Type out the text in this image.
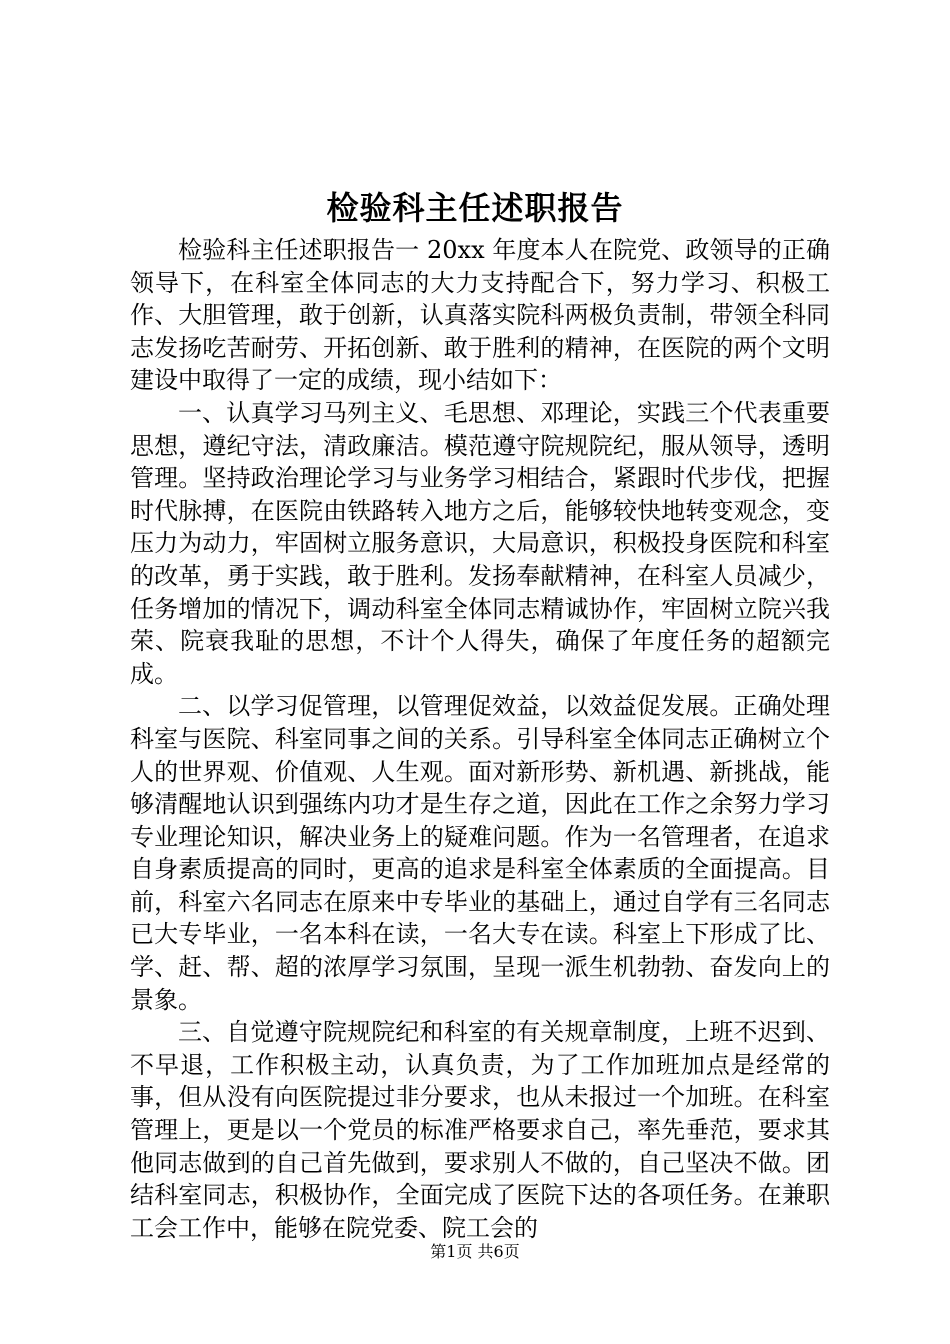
检验科主任述职报告

检验科主任述职报告一 20xx 年度本人在院党、政领导的正确领导下，在科室全体同志的大力支持配合下，努力学习、积极工作、大胆管理，敢于创新，认真落实院科两极负责制，带领全科同志发扬吃苦耐劳、开拓创新、敢于胜利的精神，在医院的两个文明建设中取得了一定的成绩，现小结如下：

一、认真学习马列主义、毛思想、邓理论，实践三个代表重要思想，遵纪守法，清政廉洁。模范遵守院规院纪，服从领导，透明管理。坚持政治理论学习与业务学习相结合，紧跟时代步伐，把握时代脉搏，在医院由铁路转入地方之后，能够较快地转变观念，变压力为动力，牢固树立服务意识，大局意识，积极投身医院和科室的改革，勇于实践，敢于胜利。发扬奉献精神，在科室人员减少，任务增加的情况下，调动科室全体同志精诚协作，牢固树立院兴我荣、院衰我耻的思想，不计个人得失，确保了年度任务的超额完成。

二、以学习促管理，以管理促效益，以效益促发展。正确处理科室与医院、科室同事之间的关系。引导科室全体同志正确树立个人的世界观、价值观、人生观。面对新形势、新机遇、新挑战，能够清醒地认识到强练内功才是生存之道，因此在工作之余努力学习专业理论知识，解决业务上的疑难问题。作为一名管理者，在追求自身素质提高的同时，更高的追求是科室全体素质的全面提高。目前，科室六名同志在原来中专毕业的基础上，通过自学有三名同志已大专毕业，一名本科在读，一名大专在读。科室上下形成了比、学、赶、帮、超的浓厚学习氛围，呈现一派生机勃勃、奋发向上的景象。

三、自觉遵守院规院纪和科室的有关规章制度，上班不迟到、不早退，工作积极主动，认真负责，为了工作加班加点是经常的事，但从没有向医院提过非分要求，也从未报过一个加班。在科室管理上，更是以一个党员的标准严格要求自己，率先垂范，要求其他同志做到的自己首先做到，要求别人不做的，自己坚决不做。团结科室同志，积极协作，全面完成了医院下达的各项任务。在兼职工会工作中，能够在院党委、院工会的

第1页 共6页
